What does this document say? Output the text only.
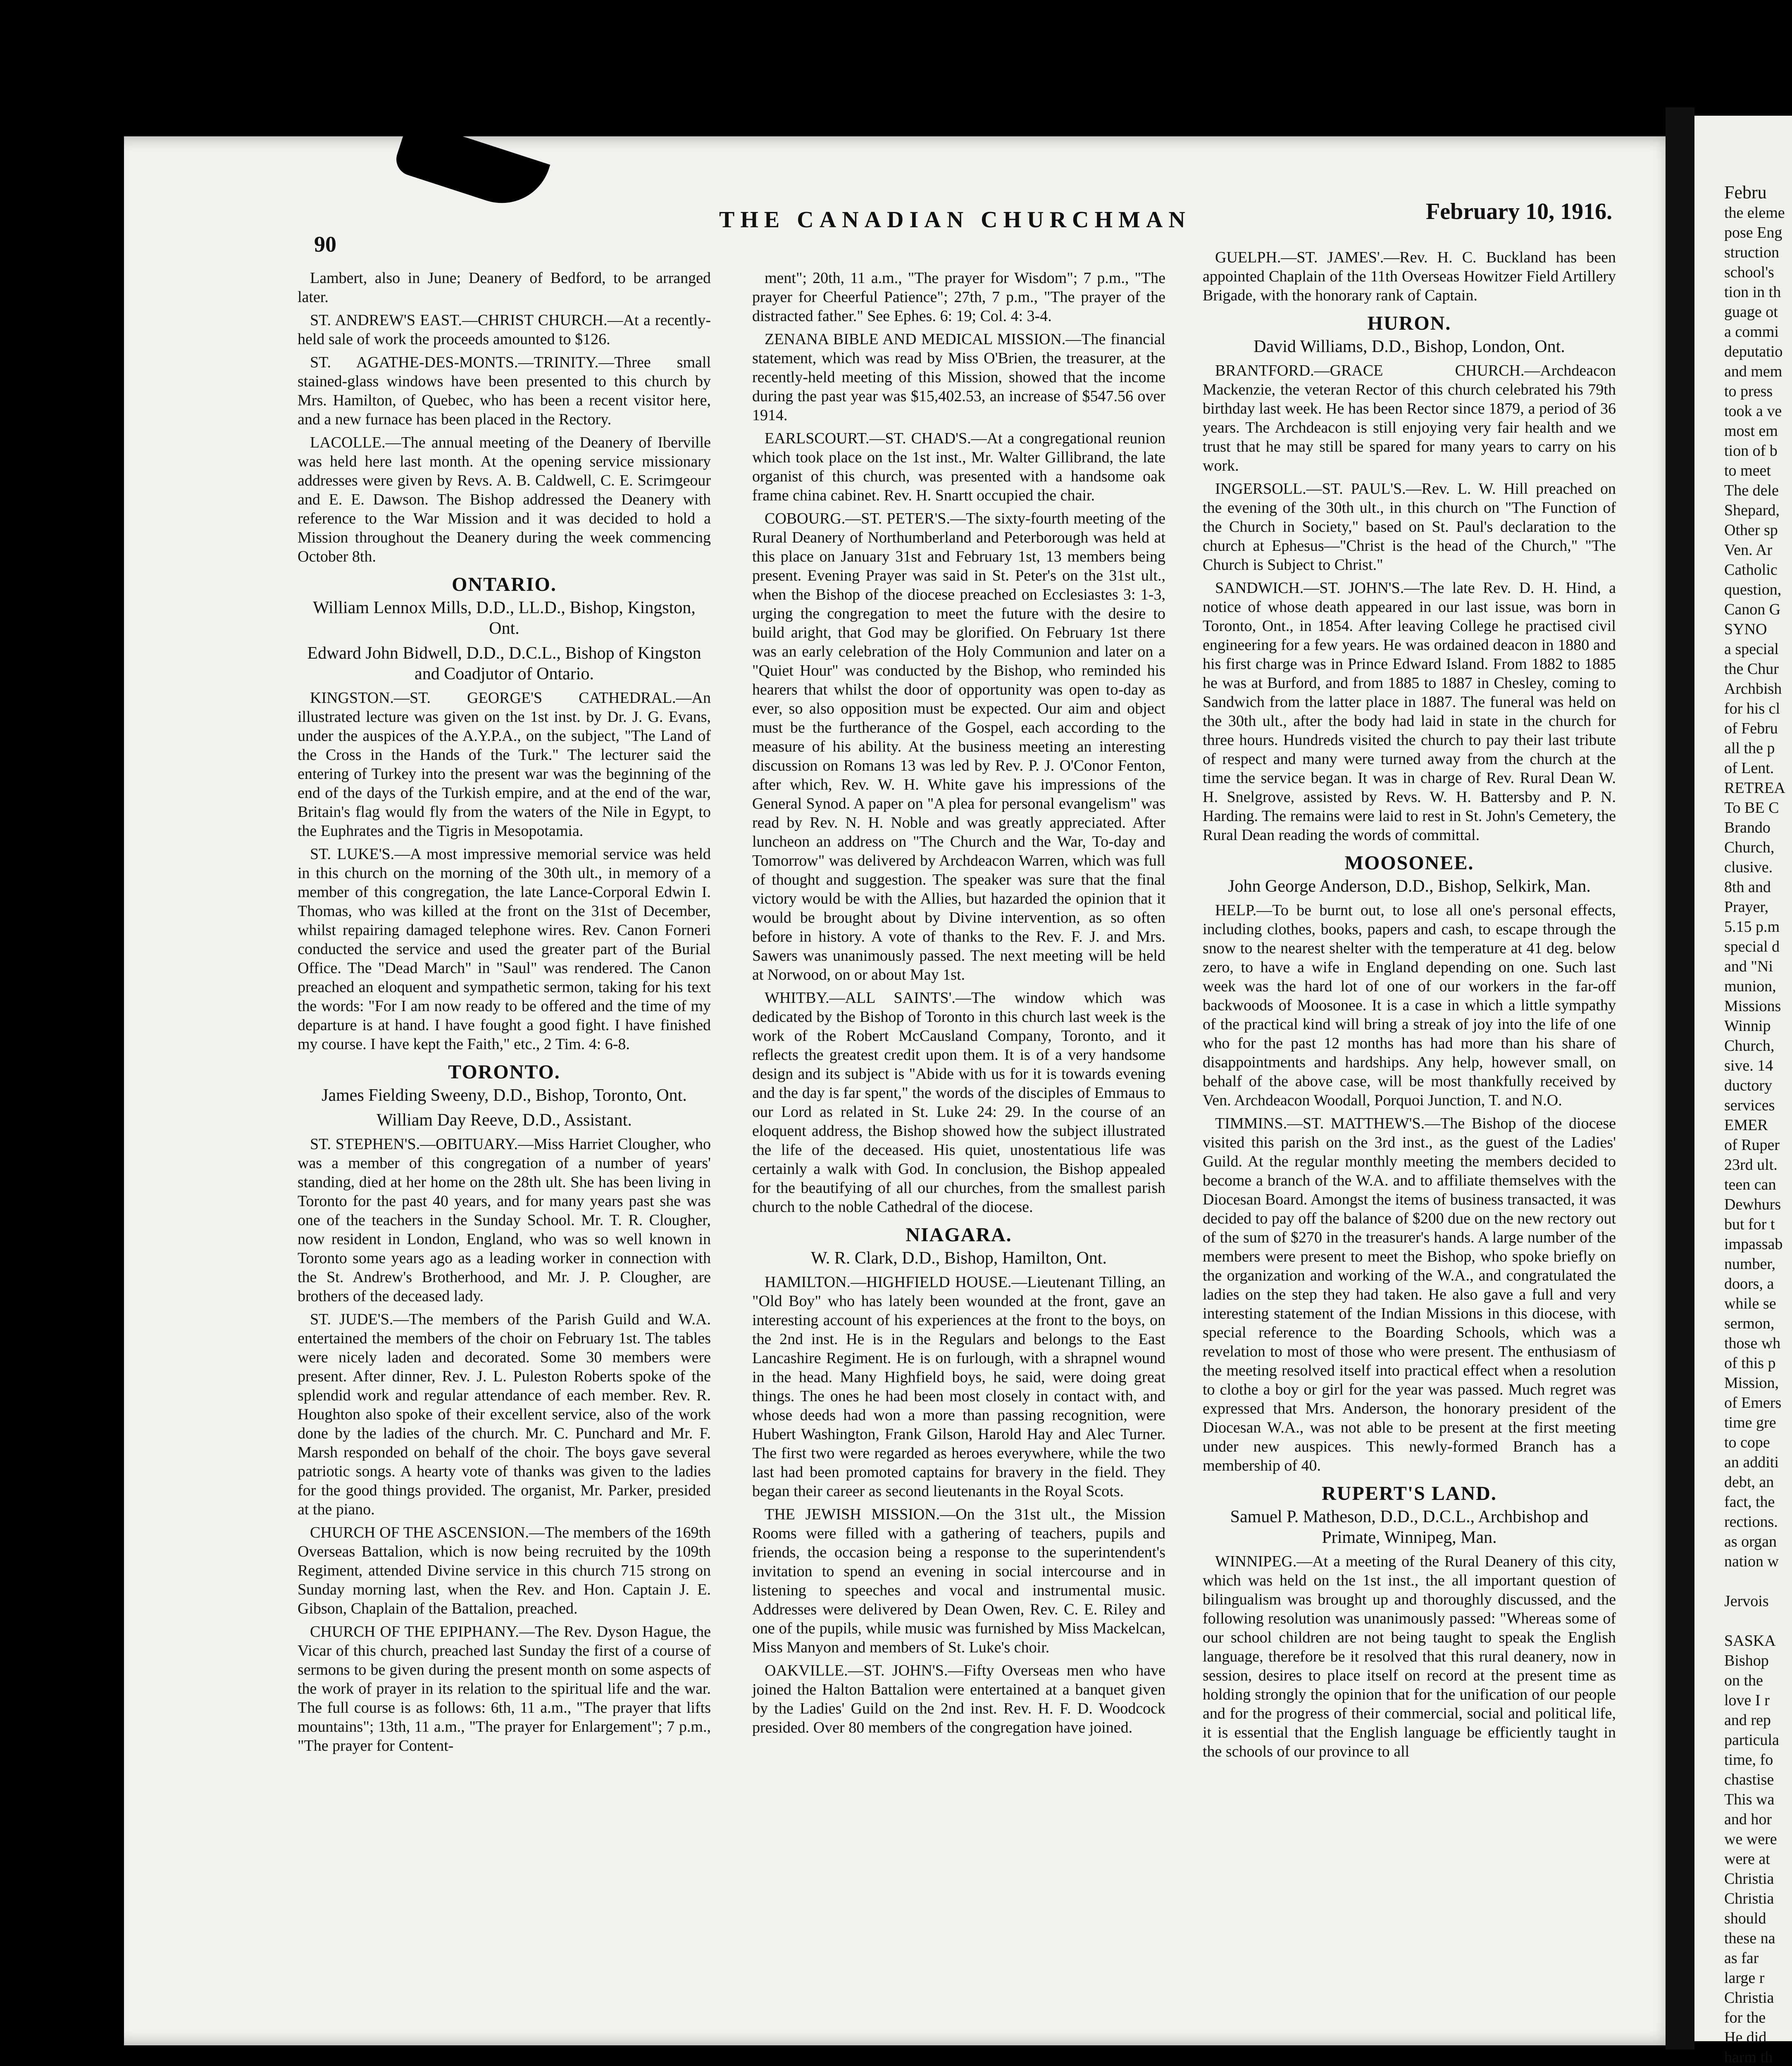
Febru
the eleme
pose Eng
struction
school's
tion in th
guage ot
a commi
deputatio
and mem
to press
took a ve
most em
tion of b
to meet
The dele
Shepard,
Other sp
Ven. Ar
Catholic
question,
Canon G
SYNO
a special
the Chur
Archbish
for his cl
of Febru
all the p
of Lent.
RETREA
To BE C
Brando
Church,
clusive.
8th and
Prayer,
5.15 p.m
special d
and "Ni
munion,
Missions
Winnip
Church,
sive. 14
ductory
services
EMER
of Ruper
23rd ult.
teen can
Dewhurs
but for t
impassab
number,
doors, a
while se
sermon,
those wh
of this p
Mission,
of Emers
time gre
to cope
an additi
debt, an
fact, the
rections.
as organ
nation w

Jervois

SASKA
Bishop
on the
love I r
and rep
particula
time, fo
chastise
This wa
and hor
we were
were at
Christia
Christia
should
these na
as far
large r
Christia
for the
He did
harm th
90
THE CANADIAN CHURCHMAN	February 10, 1916.

Lambert, also in June; Deanery of Bedford, to be arranged later.

ST. ANDREW'S EAST.—CHRIST CHURCH.—At a recently-held sale of work the proceeds amounted to $126.

ST. AGATHE-DES-MONTS.—TRINITY.—Three small stained-glass windows have been presented to this church by Mrs. Hamilton, of Quebec, who has been a recent visitor here, and a new furnace has been placed in the Rectory.

LACOLLE.—The annual meeting of the Deanery of Iberville was held here last month. At the opening service missionary addresses were given by Revs. A. B. Caldwell, C. E. Scrimgeour and E. E. Dawson. The Bishop addressed the Deanery with reference to the War Mission and it was decided to hold a Mission throughout the Deanery during the week commencing October 8th.

ONTARIO.

William Lennox Mills, D.D., LL.D., Bishop, Kingston, Ont.

Edward John Bidwell, D.D., D.C.L., Bishop of Kingston and Coadjutor of Ontario.

KINGSTON.—ST. GEORGE'S CATHEDRAL.—An illustrated lecture was given on the 1st inst. by Dr. J. G. Evans, under the auspices of the A.Y.P.A., on the subject, "The Land of the Cross in the Hands of the Turk." The lecturer said the entering of Turkey into the present war was the beginning of the end of the days of the Turkish empire, and at the end of the war, Britain's flag would fly from the waters of the Nile in Egypt, to the Euphrates and the Tigris in Mesopotamia.

ST. LUKE'S.—A most impressive memorial service was held in this church on the morning of the 30th ult., in memory of a member of this congregation, the late Lance-Corporal Edwin I. Thomas, who was killed at the front on the 31st of December, whilst repairing damaged telephone wires. Rev. Canon Forneri conducted the service and used the greater part of the Burial Office. The "Dead March" in "Saul" was rendered. The Canon preached an eloquent and sympathetic sermon, taking for his text the words: "For I am now ready to be offered and the time of my departure is at hand. I have fought a good fight. I have finished my course. I have kept the Faith," etc., 2 Tim. 4: 6-8.

TORONTO.

James Fielding Sweeny, D.D., Bishop, Toronto, Ont.

William Day Reeve, D.D., Assistant.

ST. STEPHEN'S.—OBITUARY.—Miss Harriet Clougher, who was a member of this congregation of a number of years' standing, died at her home on the 28th ult. She has been living in Toronto for the past 40 years, and for many years past she was one of the teachers in the Sunday School. Mr. T. R. Clougher, now resident in London, England, who was so well known in Toronto some years ago as a leading worker in connection with the St. Andrew's Brotherhood, and Mr. J. P. Clougher, are brothers of the deceased lady.

ST. JUDE'S.—The members of the Parish Guild and W.A. entertained the members of the choir on February 1st. The tables were nicely laden and decorated. Some 30 members were present. After dinner, Rev. J. L. Puleston Roberts spoke of the splendid work and regular attendance of each member. Rev. R. Houghton also spoke of their excellent service, also of the work done by the ladies of the church. Mr. C. Punchard and Mr. F. Marsh responded on behalf of the choir. The boys gave several patriotic songs. A hearty vote of thanks was given to the ladies for the good things provided. The organist, Mr. Parker, presided at the piano.

CHURCH OF THE ASCENSION.—The members of the 169th Overseas Battalion, which is now being recruited by the 109th Regiment, attended Divine service in this church 715 strong on Sunday morning last, when the Rev. and Hon. Captain J. E. Gibson, Chaplain of the Battalion, preached.

CHURCH OF THE EPIPHANY.—The Rev. Dyson Hague, the Vicar of this church, preached last Sunday the first of a course of sermons to be given during the present month on some aspects of the work of prayer in its relation to the spiritual life and the war. The full course is as follows: 6th, 11 a.m., "The prayer that lifts mountains"; 13th, 11 a.m., "The prayer for Enlargement"; 7 p.m., "The prayer for Content-

ment"; 20th, 11 a.m., "The prayer for Wisdom"; 7 p.m., "The prayer for Cheerful Patience"; 27th, 7 p.m., "The prayer of the distracted father." See Ephes. 6: 19; Col. 4: 3-4.

ZENANA BIBLE AND MEDICAL MISSION.—The financial statement, which was read by Miss O'Brien, the treasurer, at the recently-held meeting of this Mission, showed that the income during the past year was $15,402.53, an increase of $547.56 over 1914.

EARLSCOURT.—ST. CHAD'S.—At a congregational reunion which took place on the 1st inst., Mr. Walter Gillibrand, the late organist of this church, was presented with a handsome oak frame china cabinet. Rev. H. Snartt occupied the chair.

COBOURG.—ST. PETER'S.—The sixty-fourth meeting of the Rural Deanery of Northumberland and Peterborough was held at this place on January 31st and February 1st, 13 members being present. Evening Prayer was said in St. Peter's on the 31st ult., when the Bishop of the diocese preached on Ecclesiastes 3: 1-3, urging the congregation to meet the future with the desire to build aright, that God may be glorified. On February 1st there was an early celebration of the Holy Communion and later on a "Quiet Hour" was conducted by the Bishop, who reminded his hearers that whilst the door of opportunity was open to-day as ever, so also opposition must be expected. Our aim and object must be the furtherance of the Gospel, each according to the measure of his ability. At the business meeting an interesting discussion on Romans 13 was led by Rev. P. J. O'Conor Fenton, after which, Rev. W. H. White gave his impressions of the General Synod. A paper on "A plea for personal evangelism" was read by Rev. N. H. Noble and was greatly appreciated. After luncheon an address on "The Church and the War, To-day and Tomorrow" was delivered by Archdeacon Warren, which was full of thought and suggestion. The speaker was sure that the final victory would be with the Allies, but hazarded the opinion that it would be brought about by Divine intervention, as so often before in history. A vote of thanks to the Rev. F. J. and Mrs. Sawers was unanimously passed. The next meeting will be held at Norwood, on or about May 1st.

WHITBY.—ALL SAINTS'.—The window which was dedicated by the Bishop of Toronto in this church last week is the work of the Robert McCausland Company, Toronto, and it reflects the greatest credit upon them. It is of a very handsome design and its subject is "Abide with us for it is towards evening and the day is far spent," the words of the disciples of Emmaus to our Lord as related in St. Luke 24: 29. In the course of an eloquent address, the Bishop showed how the subject illustrated the life of the deceased. His quiet, unostentatious life was certainly a walk with God. In conclusion, the Bishop appealed for the beautifying of all our churches, from the smallest parish church to the noble Cathedral of the diocese.

NIAGARA.

W. R. Clark, D.D., Bishop, Hamilton, Ont.

HAMILTON.—HIGHFIELD HOUSE.—Lieutenant Tilling, an "Old Boy" who has lately been wounded at the front, gave an interesting account of his experiences at the front to the boys, on the 2nd inst. He is in the Regulars and belongs to the East Lancashire Regiment. He is on furlough, with a shrapnel wound in the head. Many Highfield boys, he said, were doing great things. The ones he had been most closely in contact with, and whose deeds had won a more than passing recognition, were Hubert Washington, Frank Gilson, Harold Hay and Alec Turner. The first two were regarded as heroes everywhere, while the two last had been promoted captains for bravery in the field. They began their career as second lieutenants in the Royal Scots.

THE JEWISH MISSION.—On the 31st ult., the Mission Rooms were filled with a gathering of teachers, pupils and friends, the occasion being a response to the superintendent's invitation to spend an evening in social intercourse and in listening to speeches and vocal and instrumental music. Addresses were delivered by Dean Owen, Rev. C. E. Riley and one of the pupils, while music was furnished by Miss Mackelcan, Miss Manyon and members of St. Luke's choir.

OAKVILLE.—ST. JOHN'S.—Fifty Overseas men who have joined the Halton Battalion were entertained at a banquet given by the Ladies' Guild on the 2nd inst. Rev. H. F. D. Woodcock presided. Over 80 members of the congregation have joined.

GUELPH.—ST. JAMES'.—Rev. H. C. Buckland has been appointed Chaplain of the 11th Overseas Howitzer Field Artillery Brigade, with the honorary rank of Captain.

HURON.

David Williams, D.D., Bishop, London, Ont.

BRANTFORD.—GRACE CHURCH.—Archdeacon Mackenzie, the veteran Rector of this church celebrated his 79th birthday last week. He has been Rector since 1879, a period of 36 years. The Archdeacon is still enjoying very fair health and we trust that he may still be spared for many years to carry on his work.

INGERSOLL.—ST. PAUL'S.—Rev. L. W. Hill preached on the evening of the 30th ult., in this church on "The Function of the Church in Society," based on St. Paul's declaration to the church at Ephesus—"Christ is the head of the Church," "The Church is Subject to Christ."

SANDWICH.—ST. JOHN'S.—The late Rev. D. H. Hind, a notice of whose death appeared in our last issue, was born in Toronto, Ont., in 1854. After leaving College he practised civil engineering for a few years. He was ordained deacon in 1880 and his first charge was in Prince Edward Island. From 1882 to 1885 he was at Burford, and from 1885 to 1887 in Chesley, coming to Sandwich from the latter place in 1887. The funeral was held on the 30th ult., after the body had laid in state in the church for three hours. Hundreds visited the church to pay their last tribute of respect and many were turned away from the church at the time the service began. It was in charge of Rev. Rural Dean W. H. Snelgrove, assisted by Revs. W. H. Battersby and P. N. Harding. The remains were laid to rest in St. John's Cemetery, the Rural Dean reading the words of committal.

MOOSONEE.

John George Anderson, D.D., Bishop, Selkirk, Man.

HELP.—To be burnt out, to lose all one's personal effects, including clothes, books, papers and cash, to escape through the snow to the nearest shelter with the temperature at 41 deg. below zero, to have a wife in England depending on one. Such last week was the hard lot of one of our workers in the far-off backwoods of Moosonee. It is a case in which a little sympathy of the practical kind will bring a streak of joy into the life of one who for the past 12 months has had more than his share of disappointments and hardships. Any help, however small, on behalf of the above case, will be most thankfully received by Ven. Archdeacon Woodall, Porquoi Junction, T. and N.O.

TIMMINS.—ST. MATTHEW'S.—The Bishop of the diocese visited this parish on the 3rd inst., as the guest of the Ladies' Guild. At the regular monthly meeting the members decided to become a branch of the W.A. and to affiliate themselves with the Diocesan Board. Amongst the items of business transacted, it was decided to pay off the balance of $200 due on the new rectory out of the sum of $270 in the treasurer's hands. A large number of the members were present to meet the Bishop, who spoke briefly on the organization and working of the W.A., and congratulated the ladies on the step they had taken. He also gave a full and very interesting statement of the Indian Missions in this diocese, with special reference to the Boarding Schools, which was a revelation to most of those who were present. The enthusiasm of the meeting resolved itself into practical effect when a resolution to clothe a boy or girl for the year was passed. Much regret was expressed that Mrs. Anderson, the honorary president of the Diocesan W.A., was not able to be present at the first meeting under new auspices. This newly-formed Branch has a membership of 40.

RUPERT'S LAND.

Samuel P. Matheson, D.D., D.C.L., Archbishop and Primate, Winnipeg, Man.

WINNIPEG.—At a meeting of the Rural Deanery of this city, which was held on the 1st inst., the all important question of bilingualism was brought up and thoroughly discussed, and the following resolution was unanimously passed: "Whereas some of our school children are not being taught to speak the English language, therefore be it resolved that this rural deanery, now in session, desires to place itself on record at the present time as holding strongly the opinion that for the unification of our people and for the progress of their commercial, social and political life, it is essential that the English language be efficiently taught in the schools of our province to all
